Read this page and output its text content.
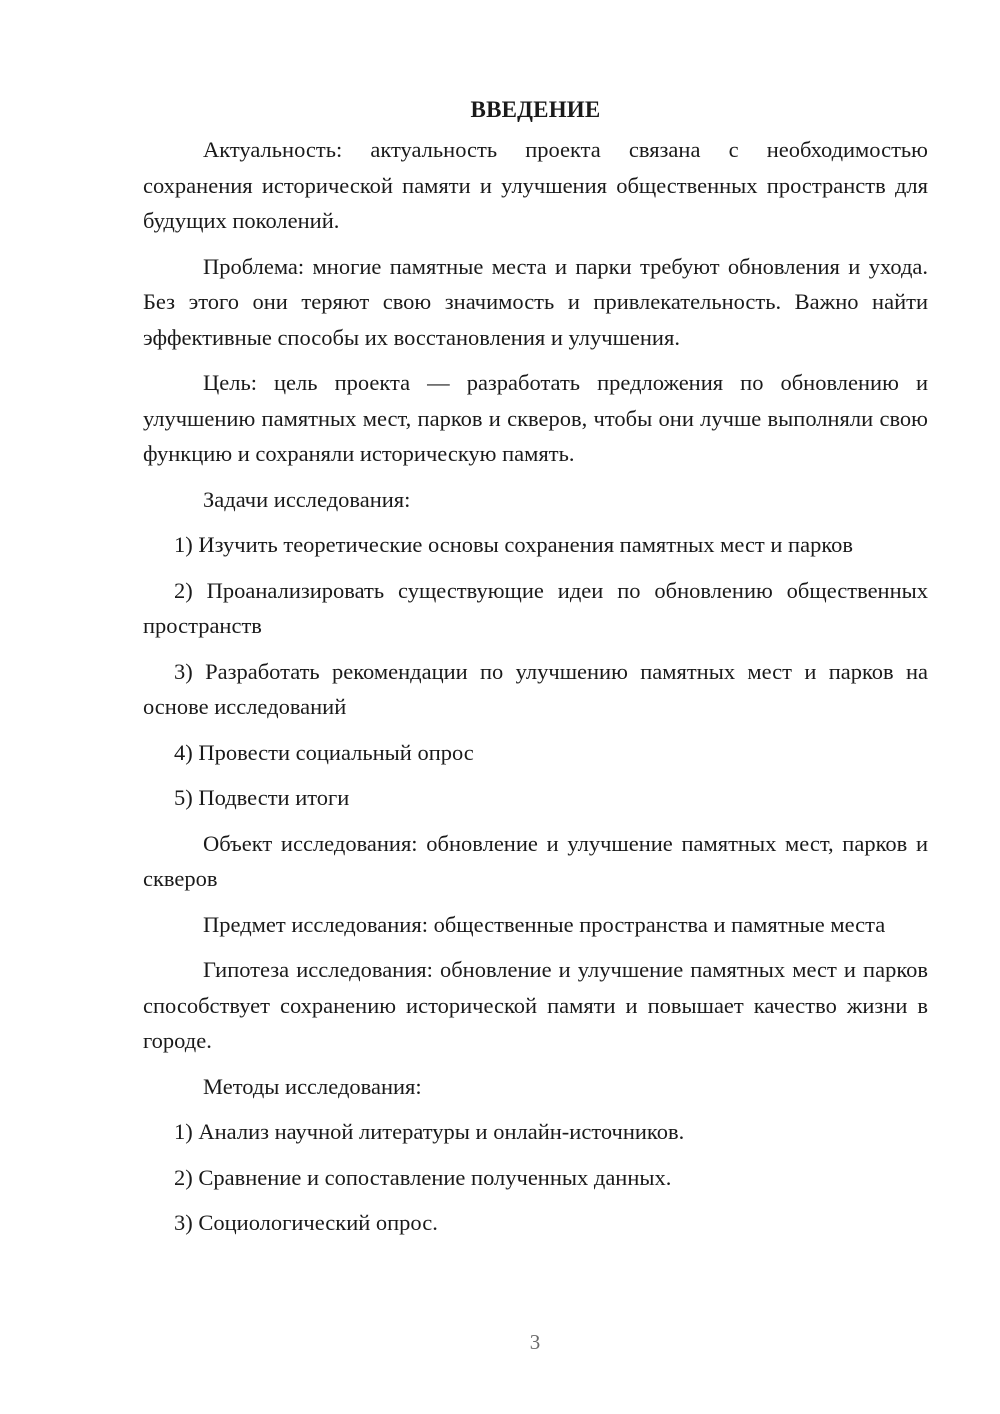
ВВЕДЕНИЕ

Актуальность: актуальность проекта связана с необходимостью сохранения исторической памяти и улучшения общественных пространств для будущих поколений.

Проблема: многие памятные места и парки требуют обновления и ухода. Без этого они теряют свою значимость и привлекательность. Важно найти эффективные способы их восстановления и улучшения.

Цель: цель проекта — разработать предложения по обновлению и улучшению памятных мест, парков и скверов, чтобы они лучше выполняли свою функцию и сохраняли историческую память.

Задачи исследования:

1) Изучить теоретические основы сохранения памятных мест и парков

2) Проанализировать существующие идеи по обновлению общественных пространств

3) Разработать рекомендации по улучшению памятных мест и парков на основе исследований

4) Провести социальный опрос

5) Подвести итоги

Объект исследования: обновление и улучшение памятных мест, парков и скверов

Предмет исследования: общественные пространства и памятные места

Гипотеза исследования: обновление и улучшение памятных мест и парков способствует сохранению исторической памяти и повышает качество жизни в городе.

Методы исследования:

1) Анализ научной литературы и онлайн-источников.

2) Сравнение и сопоставление полученных данных.

3) Социологический опрос.

3
